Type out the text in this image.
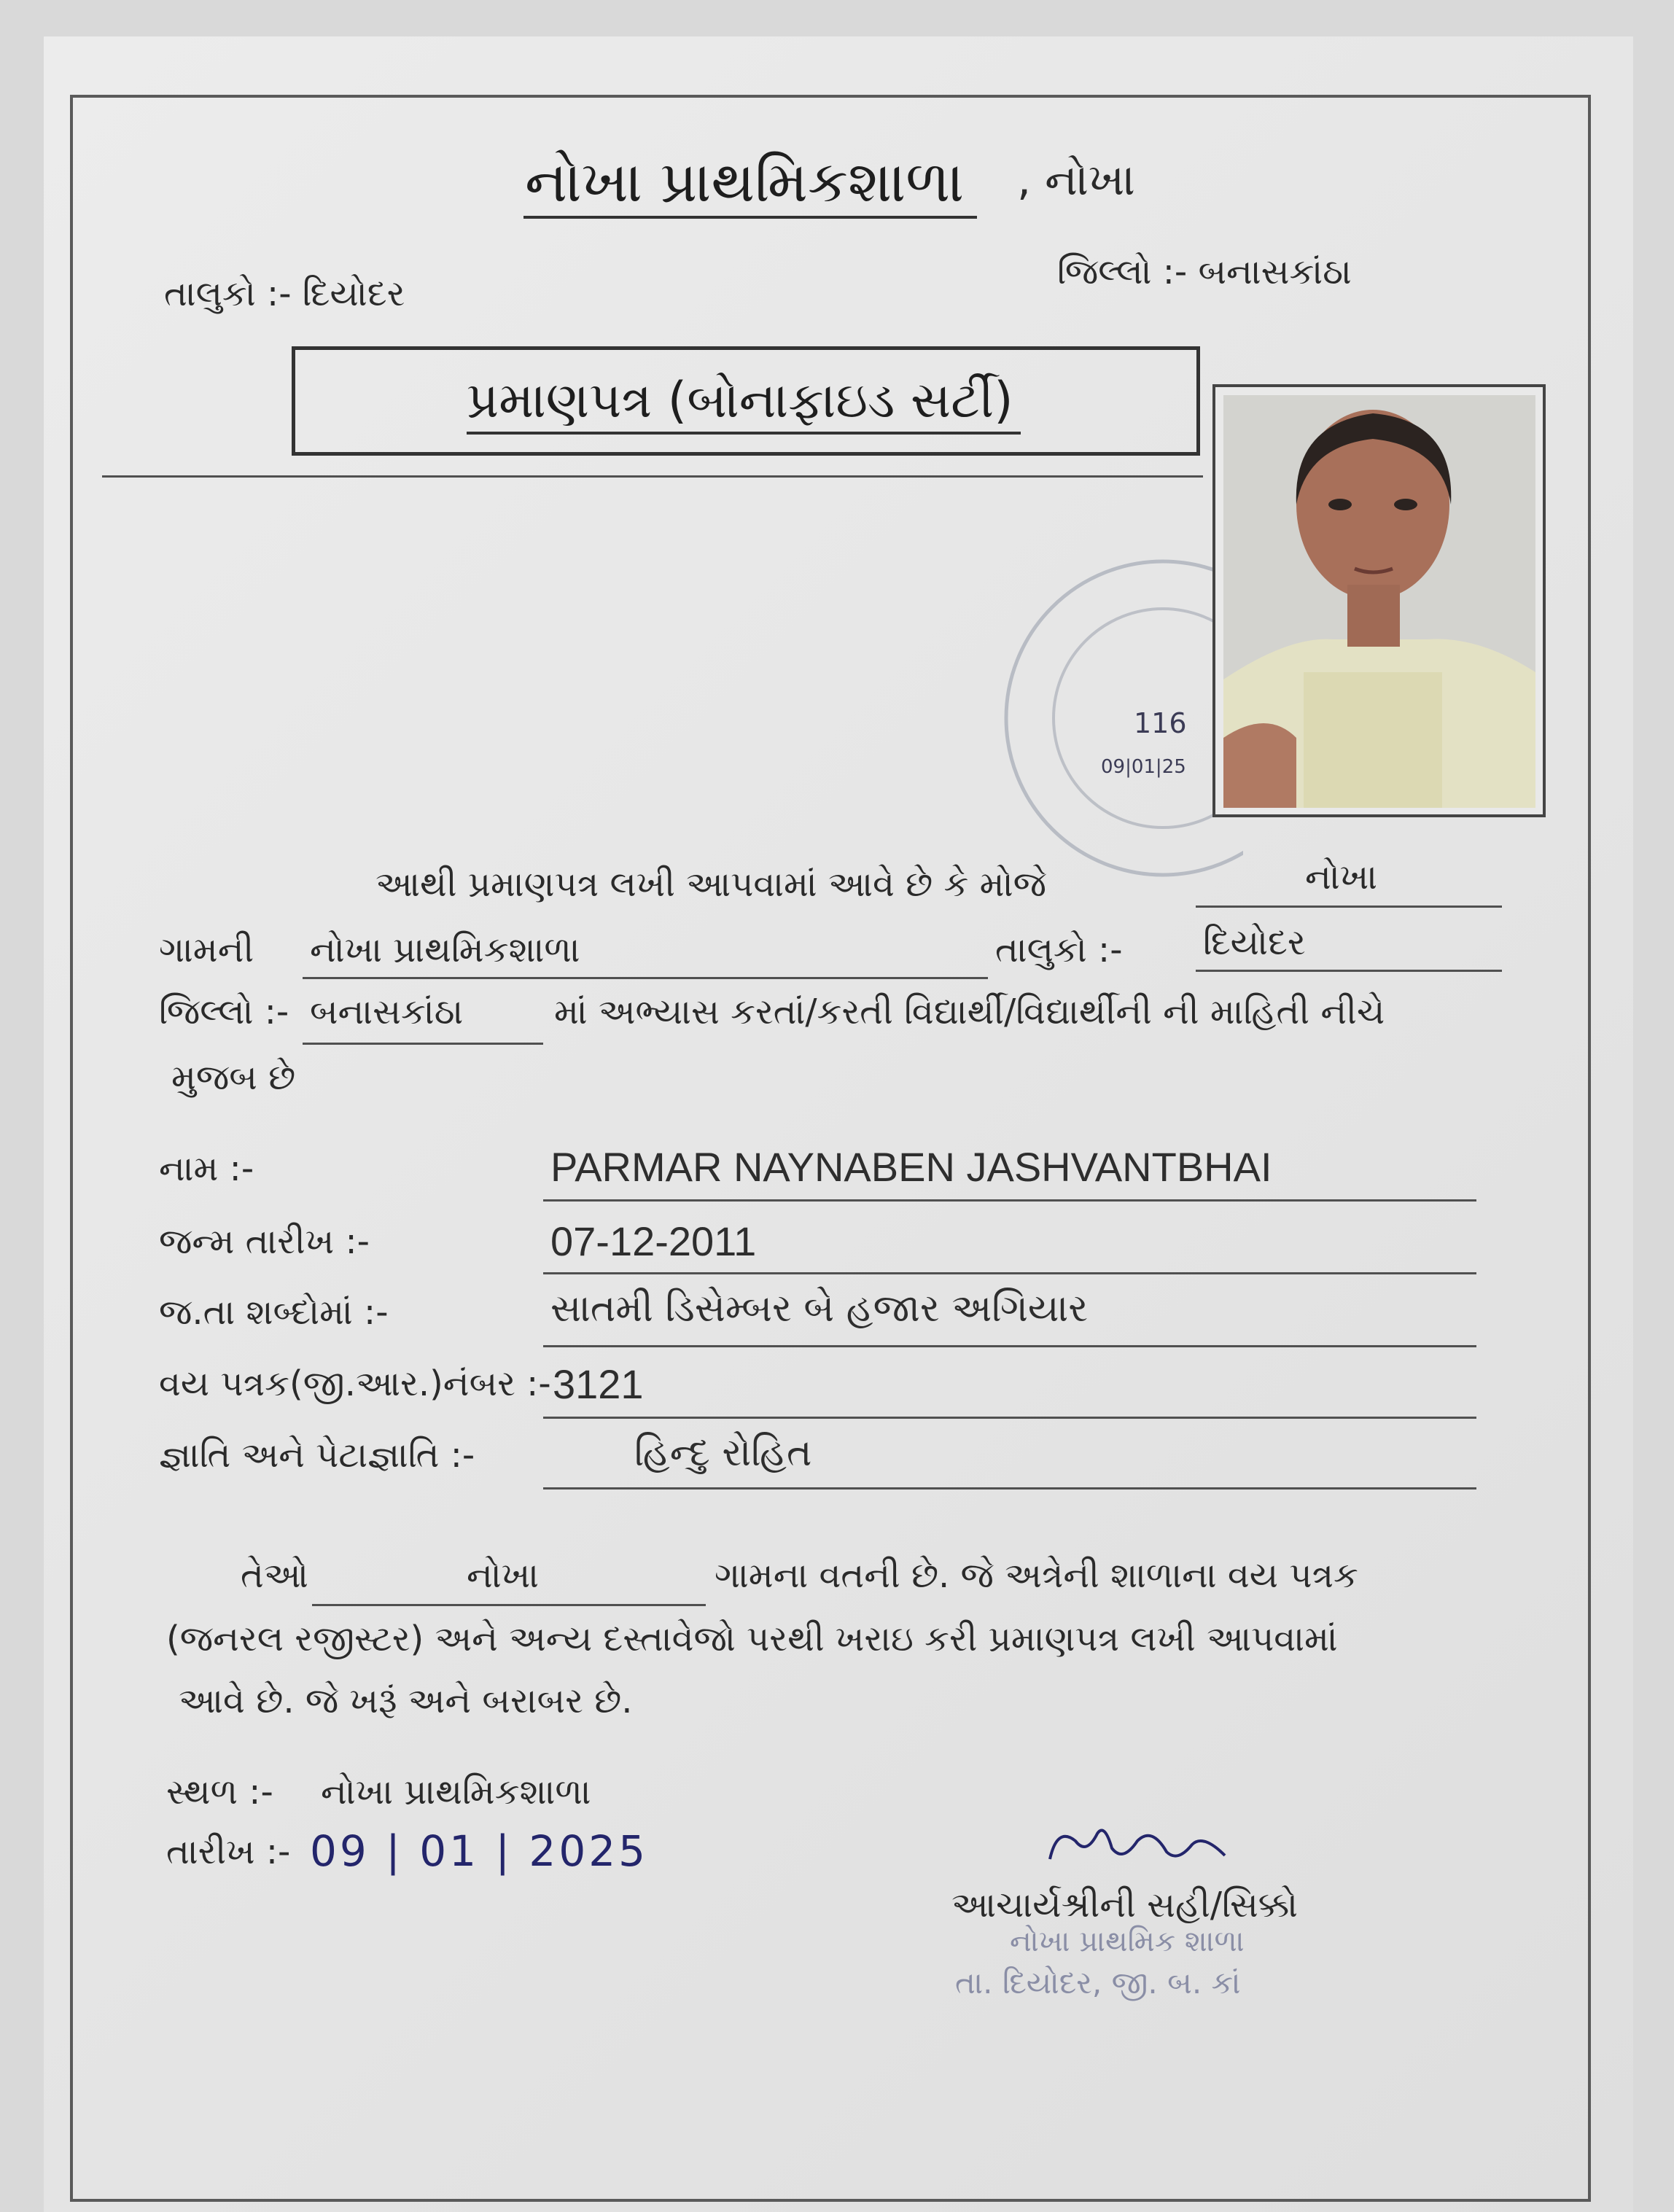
નોખા પ્રાથમિકશાળા , નોખા
તાલુકો :- દિયોદર
જિલ્લો :- બનાસકાંઠા
પ્રમાણપત્ર (બોનાફાઇડ સર્ટી)
116
09|01|25
આથી પ્રમાણપત્ર લખી આપવામાં આવે છે કે મોજે	નોખા
ગામની નોખા પ્રાથમિકશાળા	તાલુકો :- દિયોદર
જિલ્લો :- બનાસકાંઠા	માં અભ્યાસ કરતાં/કરતી વિદ્યાર્થી/વિદ્યાર્થીની ની માહિતી નીચે
મુજબ છે
નામ :-	PARMAR NAYNABEN JASHVANTBHAI
જન્મ તારીખ :-	07-12-2011
જ.તા શબ્દોમાં :-	સાતમી ડિસેમ્બર બે હજાર અગિયાર
વય પત્રક(જી.આર.)નંબર :- 3121
જ્ઞાતિ અને પેટાજ્ઞાતિ :-	હિન્દુ રોહિત
તેઓ	નોખા	ગામના વતની છે. જે અત્રેની શાળાના વય પત્રક
(જનરલ રજીસ્ટર) અને અન્ય દસ્તાવેજો પરથી ખરાઇ કરી પ્રમાણપત્ર લખી આપવામાં
આવે છે. જે ખરૂં અને બરાબર છે.
સ્થળ :- નોખા પ્રાથમિકશાળા
તારીખ :- 09 | 01 | 2025
આચાર્યશ્રીની સહી/સિક્કો
નોખા પ્રાથમિક શાળા
તા. દિયોદર, જી. બ. કાં
